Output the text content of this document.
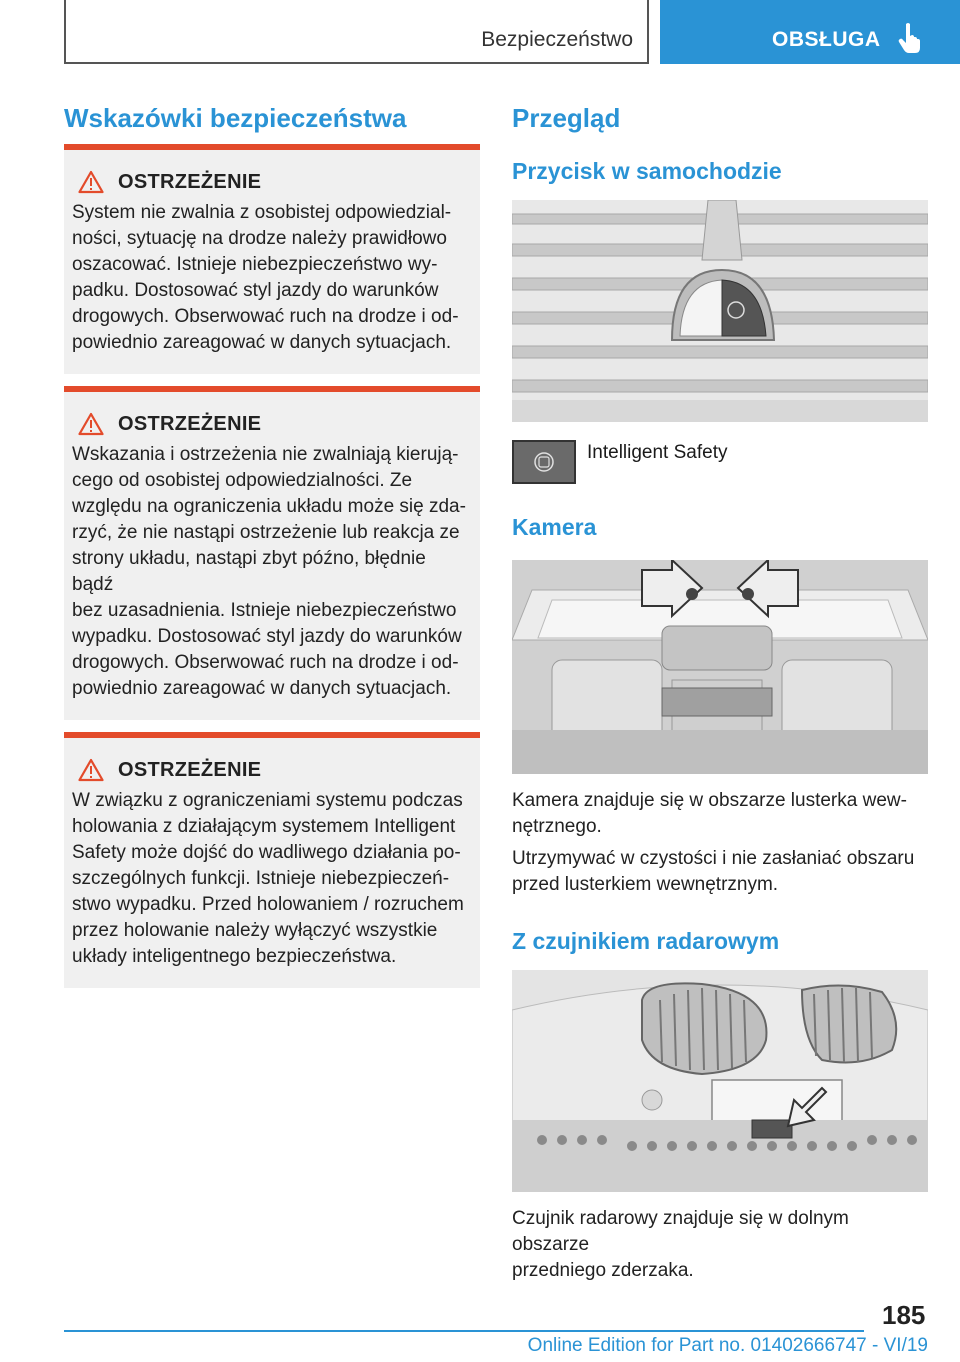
Bezpieczeństwo	OBSŁUGA
Wskazówki bezpieczeństwa
OSTRZEŻENIE
System nie zwalnia z osobistej odpowiedzial-
ności, sytuację na drodze należy prawidłowo
oszacować. Istnieje niebezpieczeństwo wy-
padku. Dostosować styl jazdy do warunków
drogowych. Obserwować ruch na drodze i od-
powiednio zareagować w danych sytuacjach.
OSTRZEŻENIE
Wskazania i ostrzeżenia nie zwalniają kierują-
cego od osobistej odpowiedzialności. Ze
względu na ograniczenia układu może się zda-
rzyć, że nie nastąpi ostrzeżenie lub reakcja ze
strony układu, nastąpi zbyt późno, błędnie bądź
bez uzasadnienia. Istnieje niebezpieczeństwo
wypadku. Dostosować styl jazdy do warunków
drogowych. Obserwować ruch na drodze i od-
powiednio zareagować w danych sytuacjach.
OSTRZEŻENIE
W związku z ograniczeniami systemu podczas
holowania z działającym systemem Intelligent
Safety może dojść do wadliwego działania po-
szczególnych funkcji. Istnieje niebezpieczeń-
stwo wypadku. Przed holowaniem / rozruchem
przez holowanie należy wyłączyć wszystkie
układy inteligentnego bezpieczeństwa.
Przegląd
Przycisk w samochodzie
Intelligent Safety
Kamera
Kamera znajduje się w obszarze lusterka wew-
nętrznego.
Utrzymywać w czystości i nie zasłaniać obszaru
przed lusterkiem wewnętrznym.
Z czujnikiem radarowym
Czujnik radarowy znajduje się w dolnym obszarze
przedniego zderzaka.
185
Online Edition for Part no. 01402666747 - VI/19
